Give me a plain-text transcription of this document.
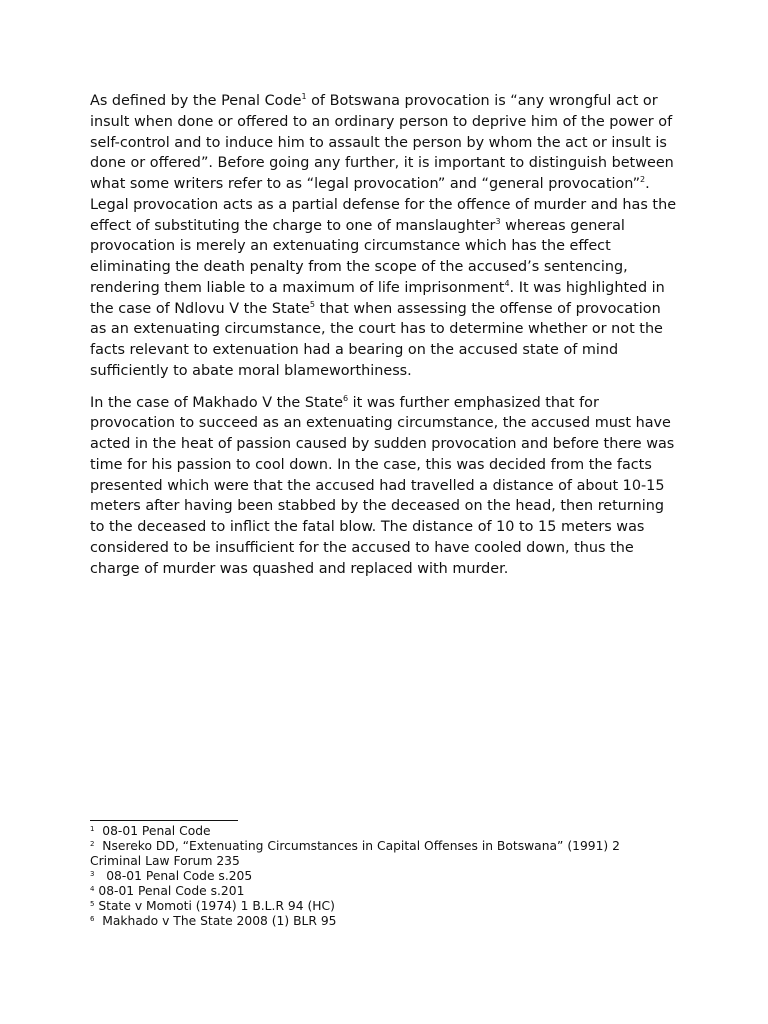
As defined by the Penal Code$^1$ of Botswana provocation is “any wrongful act or insult when done or offered to an ordinary person to deprive him of the power of self-control and to induce him to assault the person by whom the act or insult is done or offered”. Before going any further, it is important to distinguish between what some writers refer to as “legal provocation” and “general provocation”$^2$. Legal provocation acts as a partial defense for the offence of murder and has the effect of substituting the charge to one of manslaughter$^3$ whereas general provocation is merely an extenuating circumstance which has the effect eliminating the death penalty from the scope of the accused’s sentencing, rendering them liable to a maximum of life imprisonment$^4$. It was highlighted in the case of Ndlovu V the State$^5$ that when assessing the offense of provocation as an extenuating circumstance, the court has to determine whether or not the facts relevant to extenuation had a bearing on the accused state of mind sufficiently to abate moral blameworthiness.

In the case of Makhado V the State$^6$ it was further emphasized that for provocation to succeed as an extenuating circumstance, the accused must have acted in the heat of passion caused by sudden provocation and before there was time for his passion to cool down. In the case, this was decided from the facts presented which were that the accused had travelled a distance of about 10-15 meters after having been stabbed by the deceased on the head, then returning to the deceased to inflict the fatal blow. The distance of 10 to 15 meters was considered to be insufficient for the accused to have cooled down, thus the charge of murder was quashed and replaced with murder.

$^1$  08-01 Penal Code
$^2$  Nsereko DD, “Extenuating Circumstances in Capital Offenses in Botswana” (1991) 2 Criminal Law Forum 235
$^3$   08-01 Penal Code s.205
$^4$ 08-01 Penal Code s.201
$^5$ State v Momoti (1974) 1 B.L.R 94 (HC)
$^6$  Makhado v The State 2008 (1) BLR 95
